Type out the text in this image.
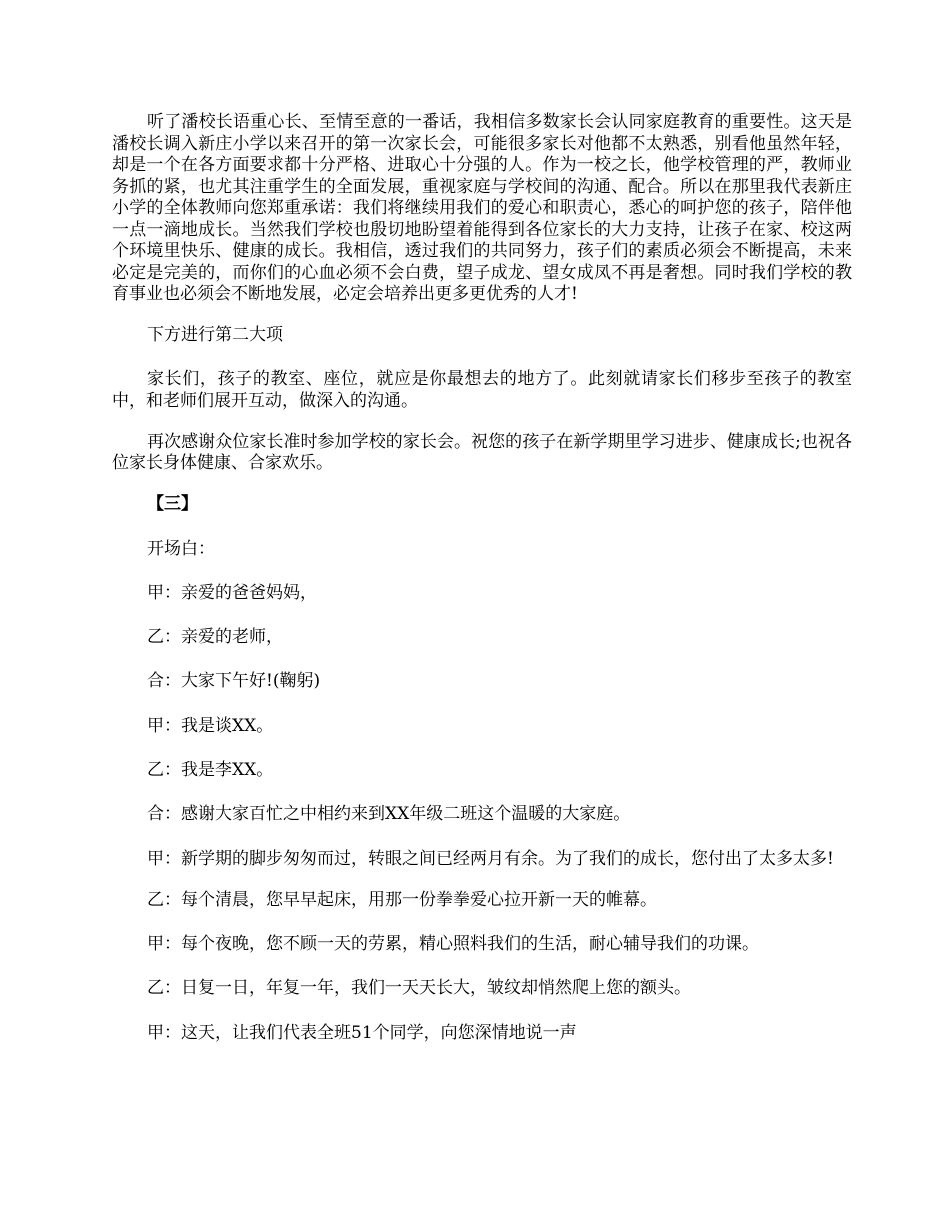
听了潘校长语重心长、至情至意的一番话，我相信多数家长会认同家庭教育的重要性。这天是潘校长调入新庄小学以来召开的第一次家长会，可能很多家长对他都不太熟悉，别看他虽然年轻，却是一个在各方面要求都十分严格、进取心十分强的人。作为一校之长，他学校管理的严，教师业务抓的紧，也尤其注重学生的全面发展，重视家庭与学校间的沟通、配合。所以在那里我代表新庄小学的全体教师向您郑重承诺：我们将继续用我们的爱心和职责心，悉心的呵护您的孩子，陪伴他一点一滴地成长。当然我们学校也殷切地盼望着能得到各位家长的大力支持，让孩子在家、校这两个环境里快乐、健康的成长。我相信，透过我们的共同努力，孩子们的素质必须会不断提高，未来必定是完美的，而你们的心血必须不会白费，望子成龙、望女成凤不再是奢想。同时我们学校的教育事业也必须会不断地发展，必定会培养出更多更优秀的人才!

下方进行第二大项

家长们，孩子的教室、座位，就应是你最想去的地方了。此刻就请家长们移步至孩子的教室中，和老师们展开互动，做深入的沟通。

再次感谢众位家长准时参加学校的家长会。祝您的孩子在新学期里学习进步、健康成长;也祝各位家长身体健康、合家欢乐。

【三】

开场白：

甲：亲爱的爸爸妈妈，

乙：亲爱的老师，

合：大家下午好!(鞠躬)

甲：我是谈XX。

乙：我是李XX。

合：感谢大家百忙之中相约来到XX年级二班这个温暖的大家庭。

甲：新学期的脚步匆匆而过，转眼之间已经两月有余。为了我们的成长，您付出了太多太多!

乙：每个清晨，您早早起床，用那一份拳拳爱心拉开新一天的帷幕。

甲：每个夜晚，您不顾一天的劳累，精心照料我们的生活，耐心辅导我们的功课。

乙：日复一日，年复一年，我们一天天长大，皱纹却悄然爬上您的额头。

甲：这天，让我们代表全班51个同学，向您深情地说一声
